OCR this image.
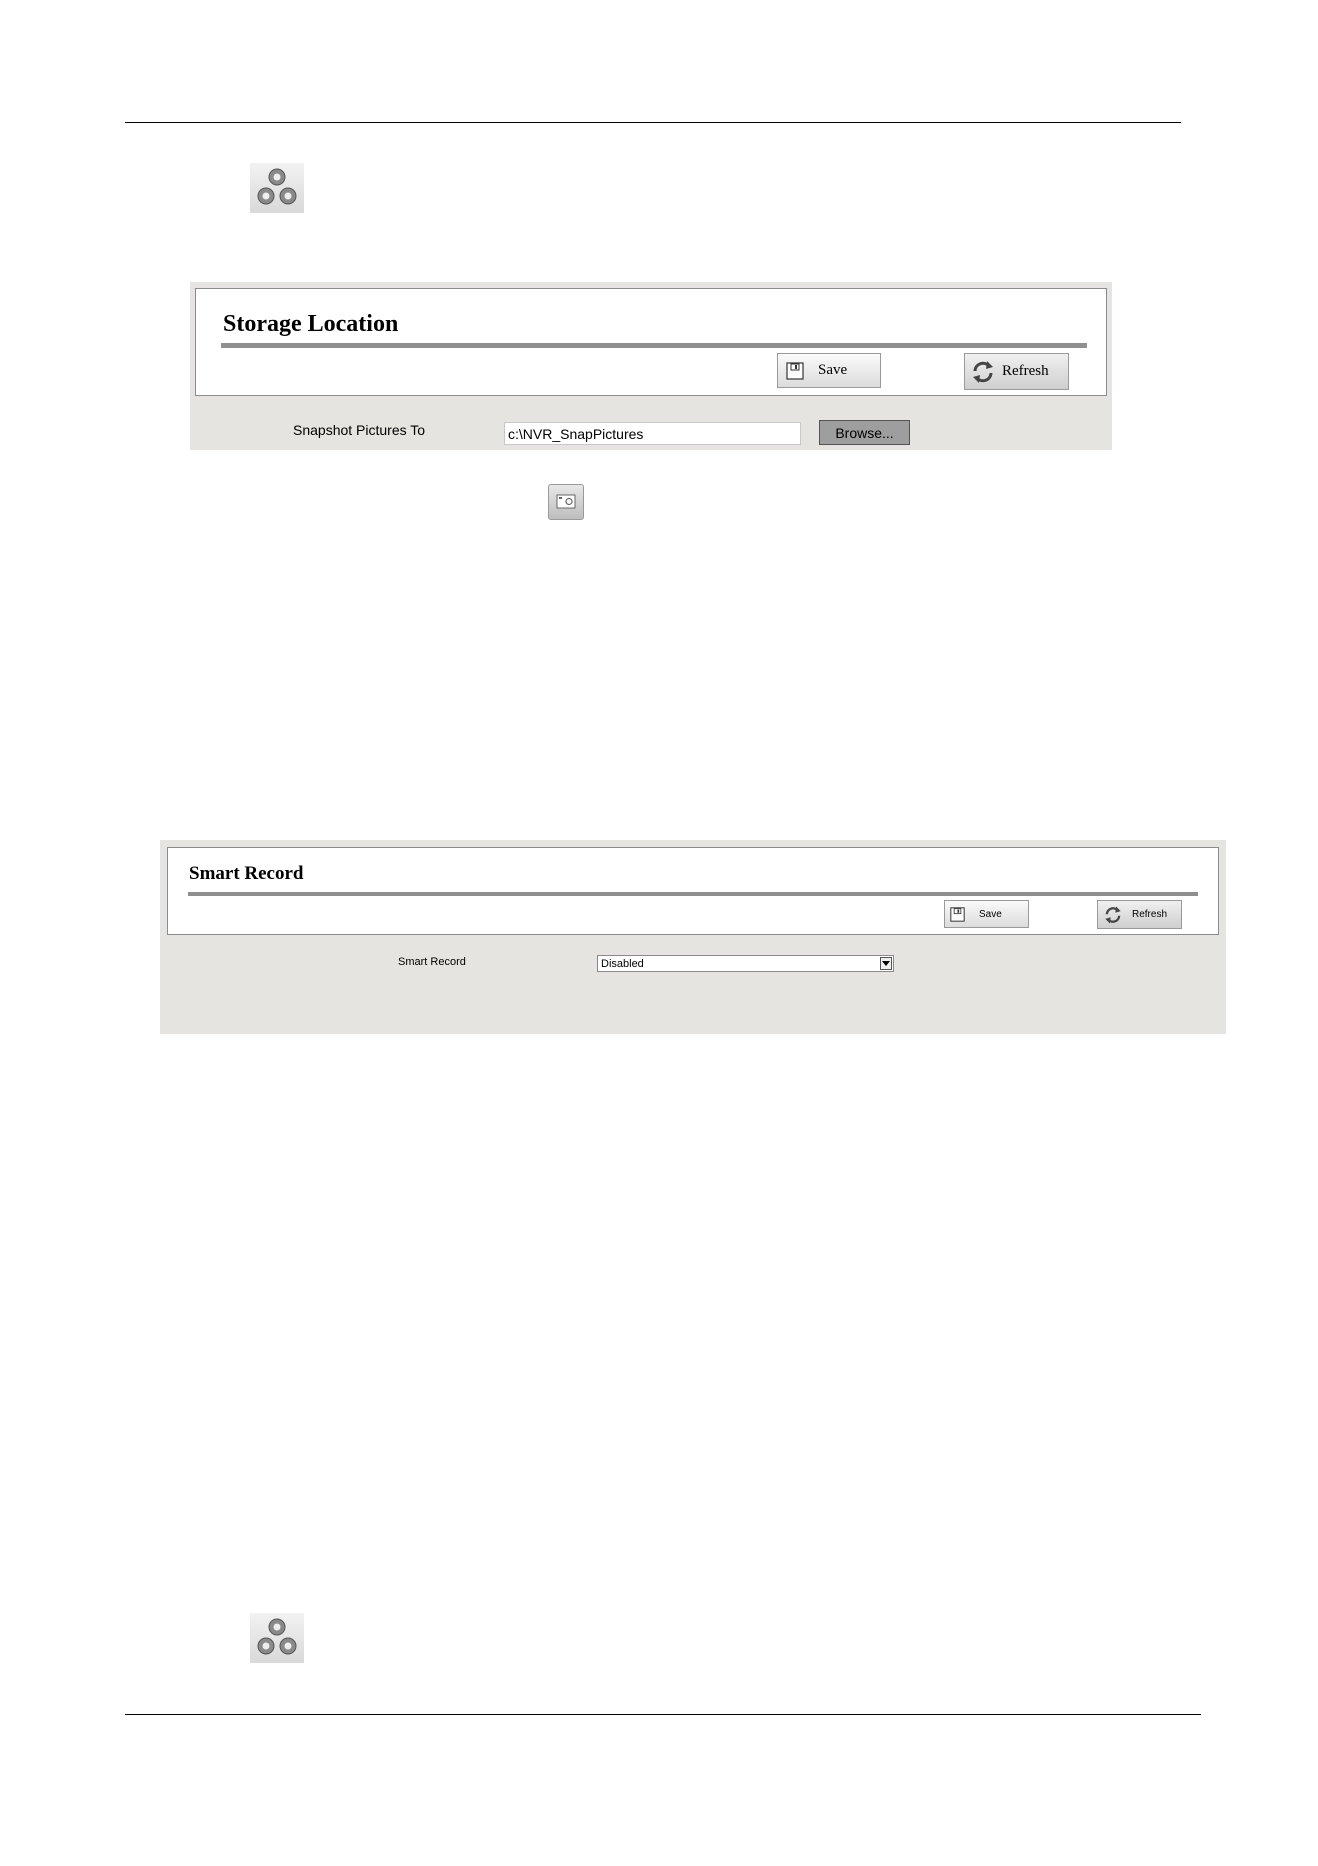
Storage Location
Save	Refresh
Snapshot Pictures To
c:\NVR_SnapPictures	Browse...
Smart Record
Save	Refresh
Smart Record	Disabled
